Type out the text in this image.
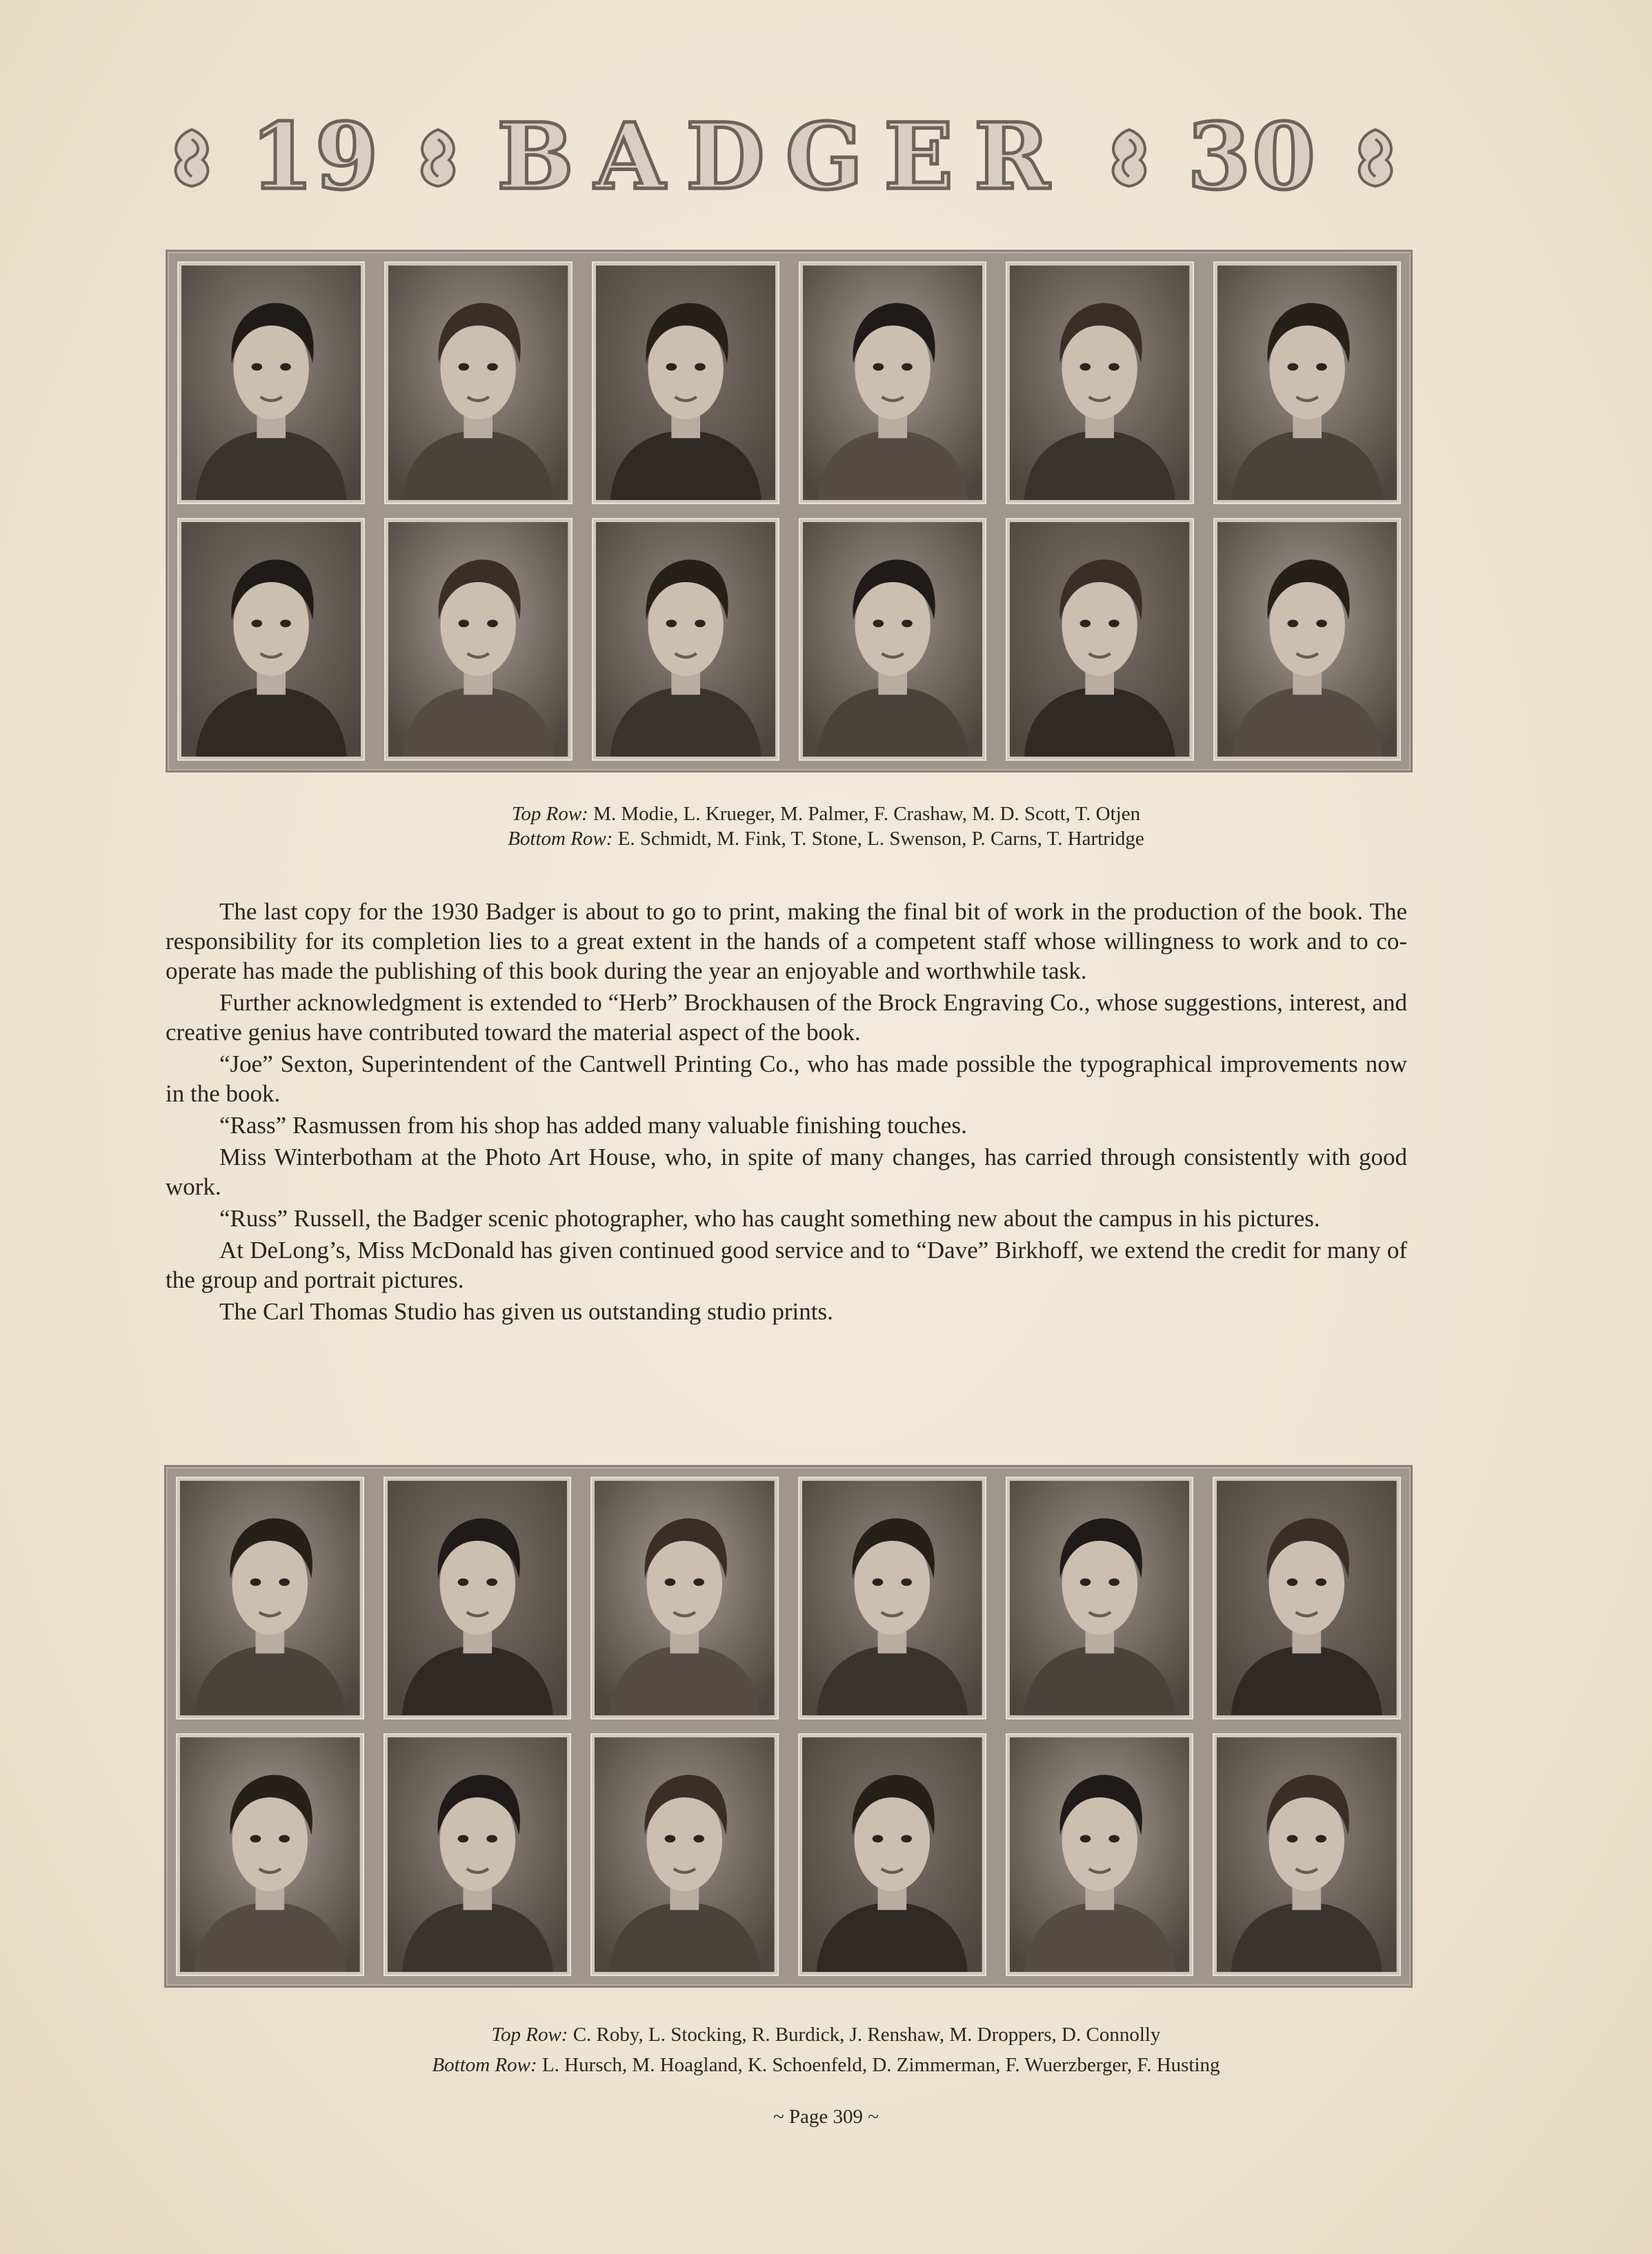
19 BADGER 30
Top Row: M. Modie, L. Krueger, M. Palmer, F. Crashaw, M. D. Scott, T. Otjen
Bottom Row: E. Schmidt, M. Fink, T. Stone, L. Swenson, P. Carns, T. Hartridge

The last copy for the 1930 Badger is about to go to print, making the final bit of work in the production of the book. The responsibility for its completion lies to a great extent in the hands of a competent staff whose willingness to work and to co-operate has made the publishing of this book during the year an enjoyable and worthwhile task.

Further acknowledgment is extended to “Herb” Brockhausen of the Brock Engraving Co., whose suggestions, interest, and creative genius have contributed toward the material aspect of the book.

“Joe” Sexton, Superintendent of the Cantwell Printing Co., who has made possible the typographical improvements now in the book.

“Rass” Rasmussen from his shop has added many valuable finishing touches.

Miss Winterbotham at the Photo Art House, who, in spite of many changes, has carried through consistently with good work.

“Russ” Russell, the Badger scenic photographer, who has caught something new about the campus in his pictures.

At DeLong’s, Miss McDonald has given continued good service and to “Dave” Birkhoff, we extend the credit for many of the group and portrait pictures.

The Carl Thomas Studio has given us outstanding studio prints.

Top Row: C. Roby, L. Stocking, R. Burdick, J. Renshaw, M. Droppers, D. Connolly
Bottom Row: L. Hursch, M. Hoagland, K. Schoenfeld, D. Zimmerman, F. Wuerzberger, F. Husting
~ Page 309 ~
